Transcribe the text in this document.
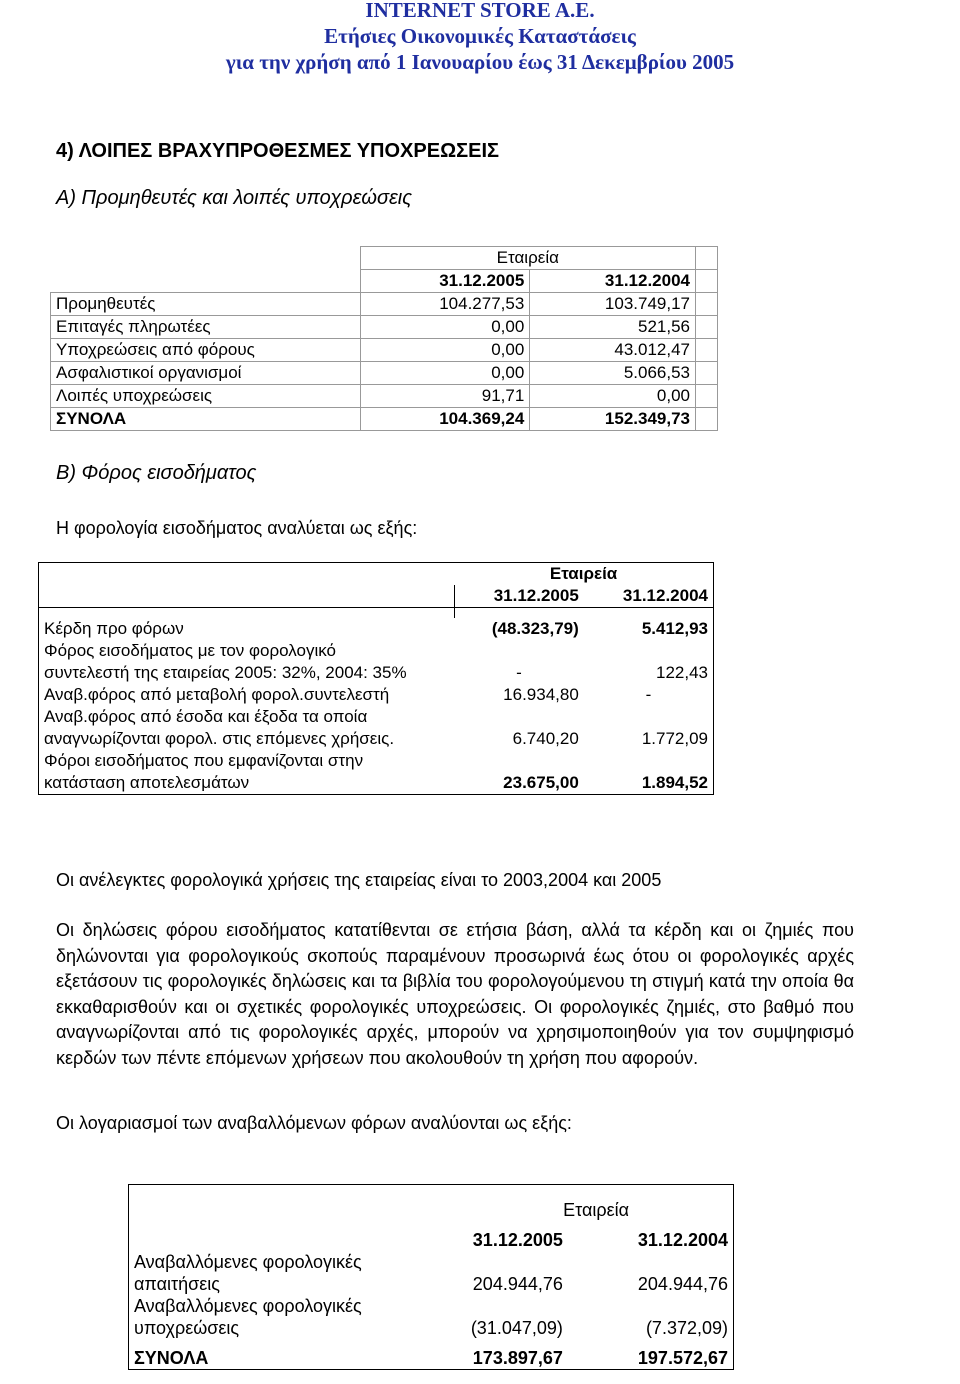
INTERNET STORE A.E.
Ετήσιες Οικονομικές Καταστάσεις
για την χρήση από 1 Ιανουαρίου έως 31 Δεκεμβρίου 2005
4) ΛΟΙΠΕΣ ΒΡΑΧΥΠΡΟΘΕΣΜΕΣ ΥΠΟΧΡΕΩΣΕΙΣ
Α) Προμηθευτές και λοιπές υποχρεώσεις
	Εταιρεία		
	31.12.2005	31.12.2004	
Προμηθευτές	104.277,53	103.749,17	
Επιταγές πληρωτέες	0,00	521,56	
Υποχρεώσεις από φόρους	0,00	43.012,47	
Ασφαλιστικοί οργανισμοί	0,00	5.066,53	
Λοιπές υποχρεώσεις	91,71	0,00	
ΣΥΝΟΛΑ	104.369,24	152.349,73	
Β) Φόρος εισοδήματος
Η φορολογία εισοδήματος αναλύεται ως εξής:
	Εταιρεία	
	31.12.2005	31.12.2004

Κέρδη προ φόρων	(48.323,79)	5.412,93
Φόρος εισοδήματος με τον φορολογικό		
συντελεστή της εταιρείας 2005: 32%, 2004: 35%	-	122,43
Αναβ.φόρος από μεταβολή φορολ.συντελεστή	16.934,80	-
Αναβ.φόρος από έσοδα και έξοδα τα οποία		
αναγνωρίζονται φορολ. στις επόμενες χρήσεις.	6.740,20	1.772,09
Φόροι εισοδήματος που εμφανίζονται στην		
κατάσταση αποτελεσμάτων	23.675,00	1.894,52
Οι ανέλεγκτες φορολογικά χρήσεις της εταιρείας είναι το 2003,2004 και 2005
Οι δηλώσεις φόρου εισοδήματος κατατίθενται σε ετήσια βάση, αλλά τα κέρδη και οι ζημιές που δηλώνονται για φορολογικούς σκοπούς παραμένουν προσωρινά έως ότου οι φορολογικές αρχές εξετάσουν τις φορολογικές δηλώσεις και τα βιβλία του φορολογούμενου τη στιγμή κατά την οποία θα εκκαθαρισθούν και οι σχετικές φορολογικές υποχρεώσεις. Οι φορολογικές ζημιές, στο βαθμό που αναγνωρίζονται από τις φορολογικές αρχές, μπορούν να χρησιμοποιηθούν για τον συμψηφισμό κερδών των πέντε επόμενων χρήσεων που ακολουθούν τη χρήση που αφορούν.
Οι λογαριασμοί των αναβαλλόμενων φόρων αναλύονται ως εξής:

	Εταιρεία	

	31.12.2005	31.12.2004
Αναβαλλόμενες φορολογικές		
απαιτήσεις	204.944,76	204.944,76
Αναβαλλόμενες φορολογικές		
υποχρεώσεις	(31.047,09)	(7.372,09)

ΣΥΝΟΛΑ	173.897,67	197.572,67
